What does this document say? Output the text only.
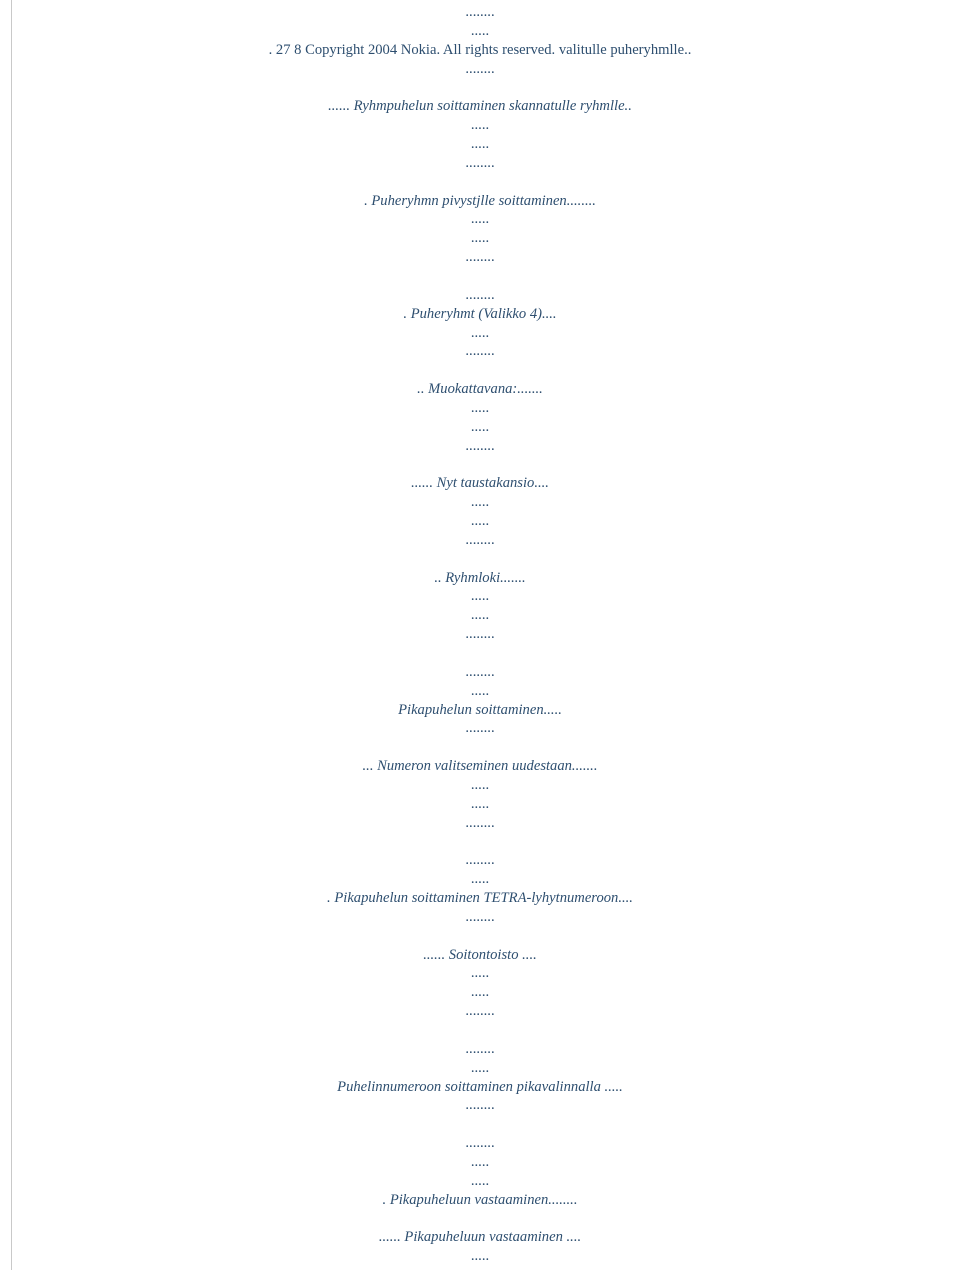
........
.....
. 27 8 Copyright 2004 Nokia. All rights reserved. valitulle puheryhmlle..
........
...... Ryhmpuhelun soittaminen skannatulle ryhmlle..
.....
.....
........
. Puheryhmn pivystjlle soittaminen........
.....
.....
........
........
. Puheryhmt (Valikko 4)....
.....
........
.. Muokattavana:.......
.....
.....
........
...... Nyt taustakansio....
.....
.....
........
.. Ryhmloki.......
.....
.....
........
........
.....
Pikapuhelun soittaminen.....
........
... Numeron valitseminen uudestaan.......
.....
.....
........
........
.....
. Pikapuhelun soittaminen TETRA-lyhytnumeroon....
........
...... Soitontoisto ....
.....
.....
........
........
.....
Puhelinnumeroon soittaminen pikavalinnalla .....
........
........
.....
.....
. Pikapuheluun vastaaminen........
...... Pikapuheluun vastaaminen ....
.....
